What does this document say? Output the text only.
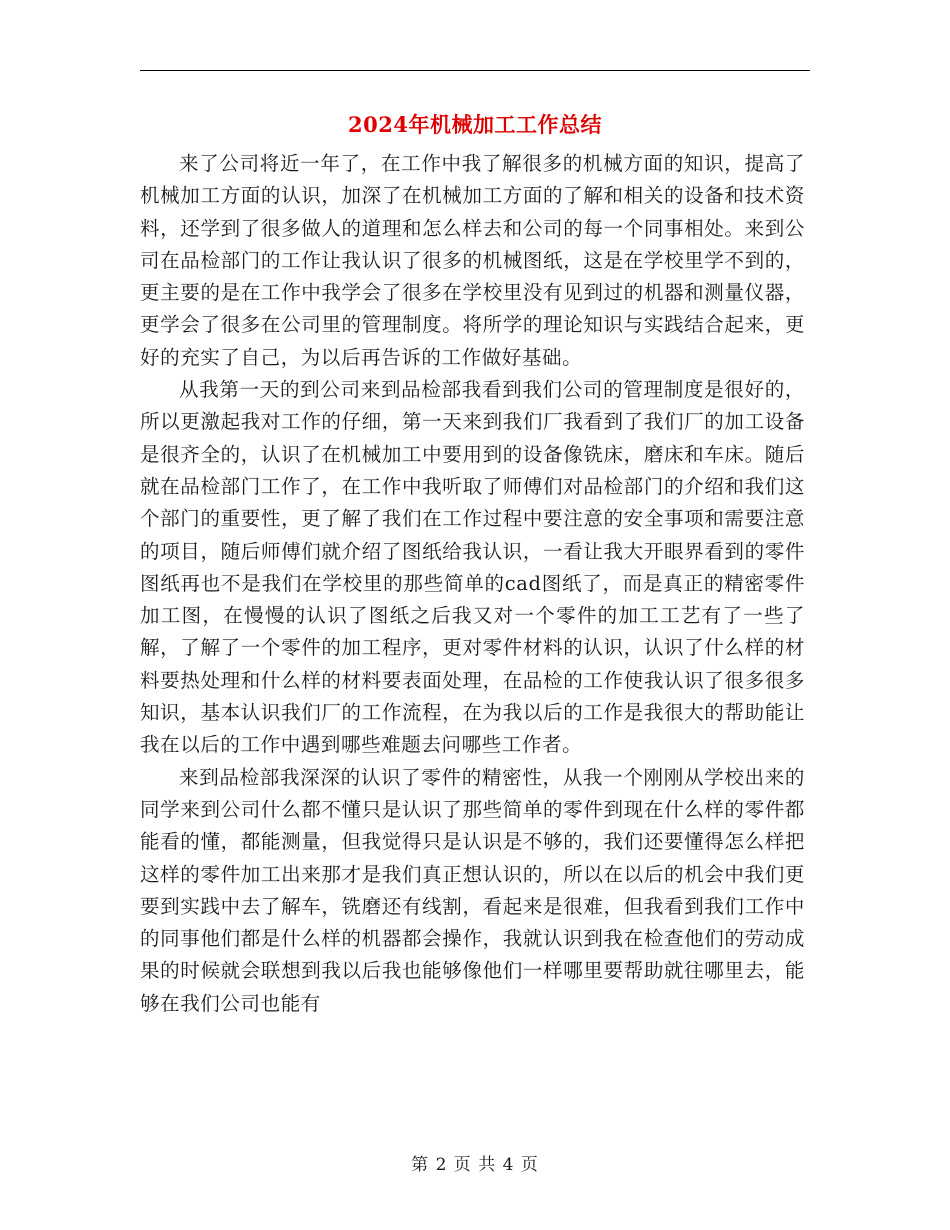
2024年机械加工工作总结

来了公司将近一年了，在工作中我了解很多的机械方面的知识，提高了机械加工方面的认识，加深了在机械加工方面的了解和相关的设备和技术资料，还学到了很多做人的道理和怎么样去和公司的每一个同事相处。来到公司在品检部门的工作让我认识了很多的机械图纸，这是在学校里学不到的，更主要的是在工作中我学会了很多在学校里没有见到过的机器和测量仪器，更学会了很多在公司里的管理制度。将所学的理论知识与实践结合起来，更好的充实了自己，为以后再告诉的工作做好基础。

从我第一天的到公司来到品检部我看到我们公司的管理制度是很好的，所以更激起我对工作的仔细，第一天来到我们厂我看到了我们厂的加工设备是很齐全的，认识了在机械加工中要用到的设备像铣床，磨床和车床。随后就在品检部门工作了，在工作中我听取了师傅们对品检部门的介绍和我们这个部门的重要性，更了解了我们在工作过程中要注意的安全事项和需要注意的项目，随后师傅们就介绍了图纸给我认识，一看让我大开眼界看到的零件图纸再也不是我们在学校里的那些简单的cad图纸了，而是真正的精密零件加工图，在慢慢的认识了图纸之后我又对一个零件的加工工艺有了一些了解，了解了一个零件的加工程序，更对零件材料的认识，认识了什么样的材料要热处理和什么样的材料要表面处理，在品检的工作使我认识了很多很多知识，基本认识我们厂的工作流程，在为我以后的工作是我很大的帮助能让我在以后的工作中遇到哪些难题去问哪些工作者。

来到品检部我深深的认识了零件的精密性，从我一个刚刚从学校出来的同学来到公司什么都不懂只是认识了那些简单的零件到现在什么样的零件都能看的懂，都能测量，但我觉得只是认识是不够的，我们还要懂得怎么样把这样的零件加工出来那才是我们真正想认识的，所以在以后的机会中我们更要到实践中去了解车，铣磨还有线割，看起来是很难，但我看到我们工作中的同事他们都是什么样的机器都会操作，我就认识到我在检查他们的劳动成果的时候就会联想到我以后我也能够像他们一样哪里要帮助就往哪里去，能够在我们公司也能有

第 2 页 共 4 页
